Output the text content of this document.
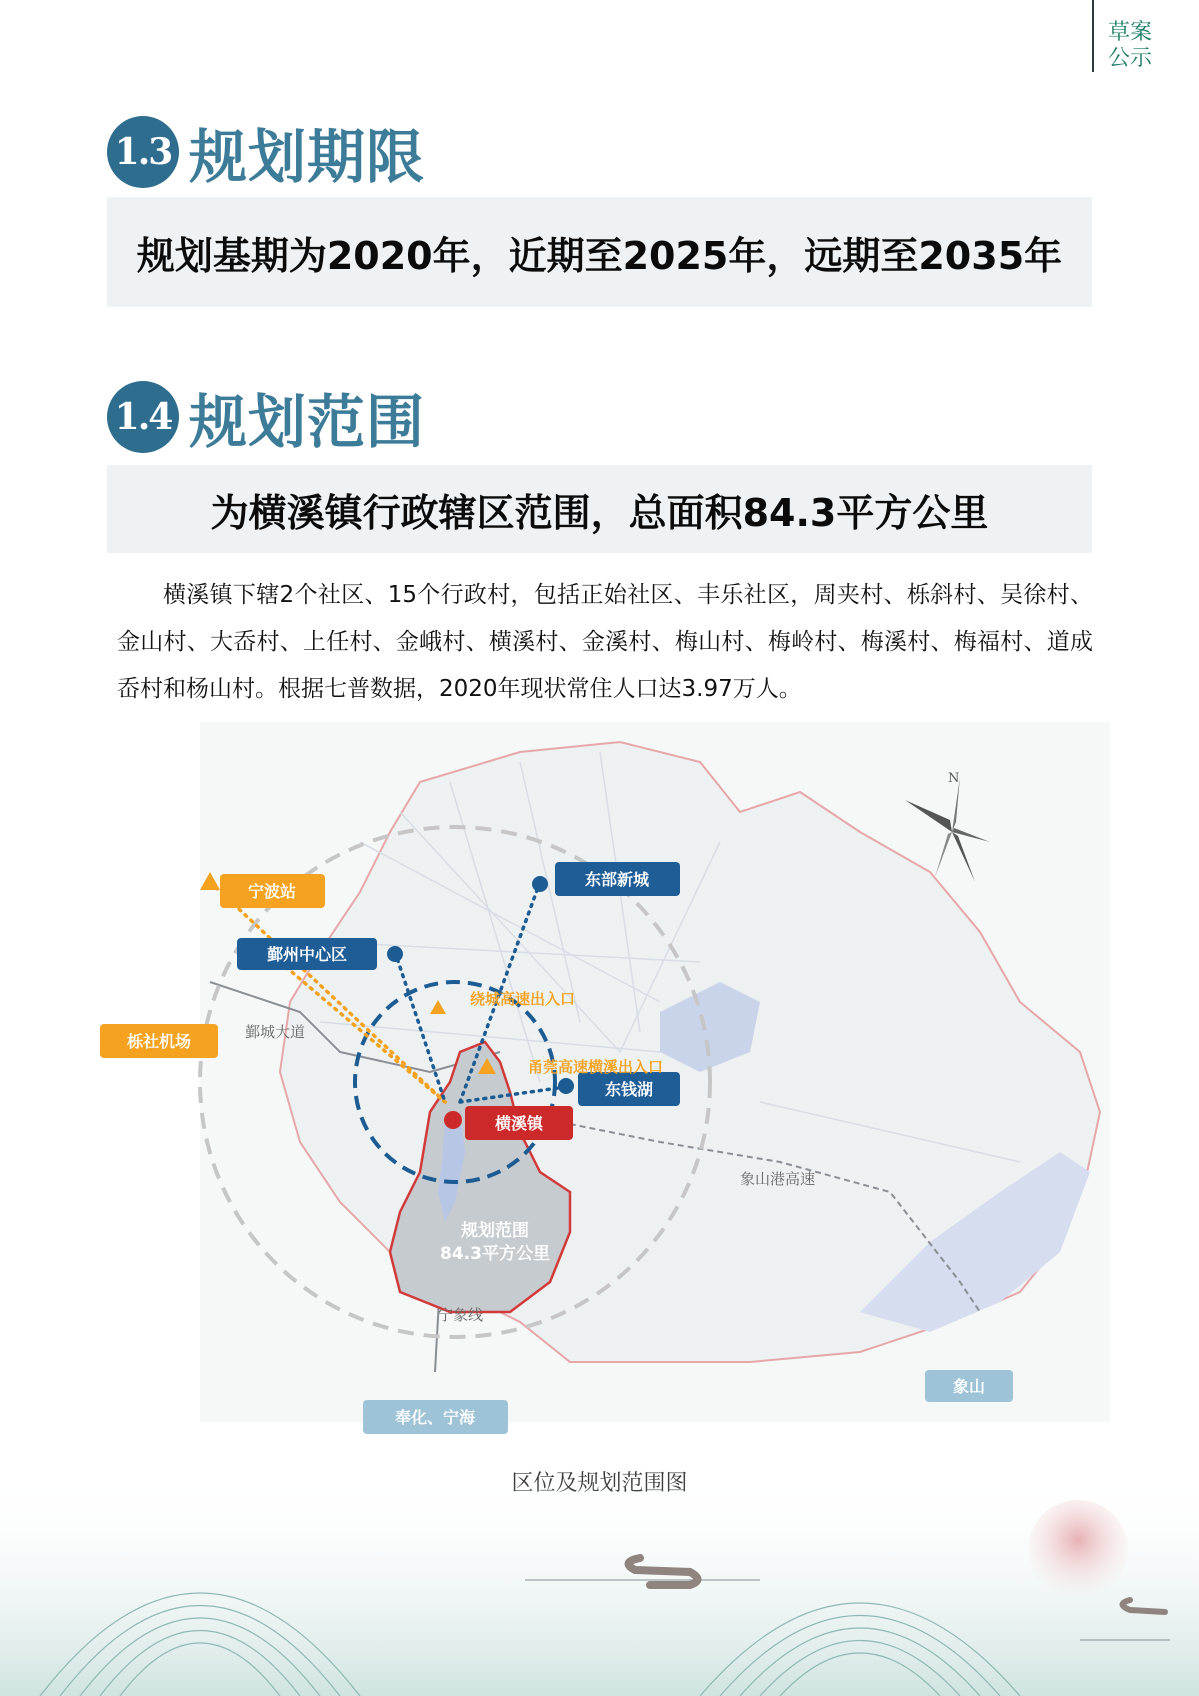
草案
公示
1.3 规划期限
规划基期为2020年，近期至2025年，远期至2035年
1.4 规划范围
为横溪镇行政辖区范围，总面积84.3平方公里

横溪镇下辖2个社区、15个行政村，包括正始社区、丰乐社区，周夹村、栎斜村、吴徐村、金山村、大岙村、上任村、金峨村、横溪村、金溪村、梅山村、梅岭村、梅溪村、梅福村、道成岙村和杨山村。根据七普数据，2020年现状常住人口达3.97万人。

宁波站
鄞州中心区
东部新城
栎社机场
东钱湖
横溪镇
奉化、宁海
象山
绕城高速出入口
甬莞高速横溪出入口
鄞城大道
象山港高速
宁象线
规划范围
84.3平方公里
N
